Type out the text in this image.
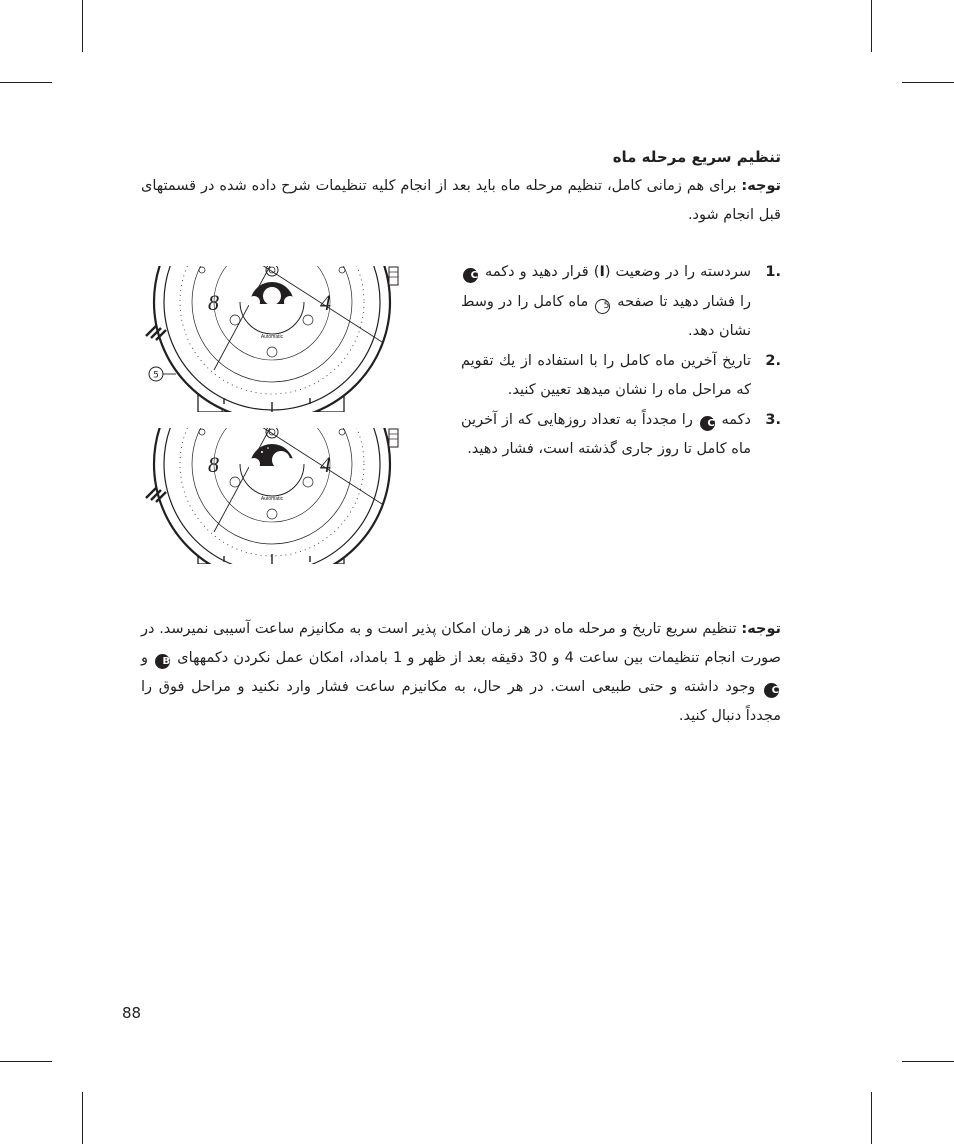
تنظیم سریع مرحله ماه

توجه: برای هم زمانی کامل، تنظیم مرحله ماه باید بعد از انجام کلیه تنظیمات شرح داده شده در قسمتهای قبل انجام شود.

1.
سردسته را در وضعیت (I) قرار دهید و دکمه C را فشار دهید تا صفحه 5 ماه کامل را در وسط نشان دهد.
2.
تاریخ آخرین ماه کامل را با استفاده از یك تقویم که مراحل ماه را نشان میدهد تعیین کنید.
3.
دکمه C را مجدداً به تعداد روزهایی که از آخرین ماه کامل تا روز جاری گذشته است، فشار دهید.
8	4
Automatic
5
8	4
Automatic

توجه: تنظیم سریع تاریخ و مرحله ماه در هر زمان امکان پذیر است و به مکانیزم ساعت آسیبی نمیرسد. در صورت انجام تنظیمات بین ساعت 4 و 30 دقیقه بعد از ظهر و 1 بامداد، امکان عمل نکردن دکمههای B و C وجود داشته و حتی طبیعی است. در هر حال، به مکانیزم ساعت فشار وارد نکنید و مراحل فوق را مجدداً دنبال کنید.

88
